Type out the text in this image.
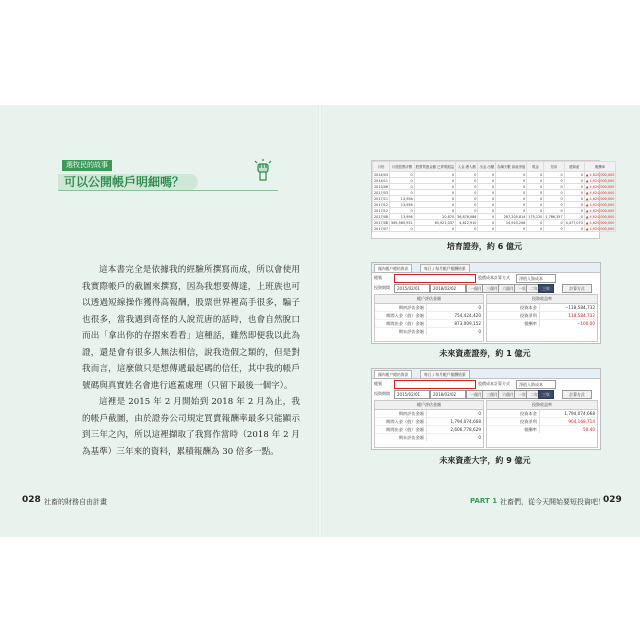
選牧民的故事
可以公開帳戶明細嗎？

這本書完全是依據我的經驗所撰寫而成，所以會使用我實際帳戶的截圖來撰寫，因為我想要傳達，上班族也可以透過短線操作獲得高報酬，股票世界裡高手很多，騙子也很多，當我遇到奇怪的人說荒唐的話時，也會自然脫口而出「拿出你的存摺來看看」這種話，雖然即便我以此為證，還是會有很多人無法相信，說我造假之類的，但是對我而言，這麼做只是想傳遞最起碼的信任，其中我的帳戶號碼與真實姓名會進行遮蓋處理（只留下最後一個字）。

這裡是 2015 年 2 月開始到 2018 年 2 月為止，我的帳戶截圖，由於證券公司規定買賣報酬率最多只能顯示到三年之內，所以這裡擷取了我寫作當時（2018 年 2 月為基準）三年來的資料，累積報酬為 30 倍多一點。

028 社畜的財務自由計畫
月份	月底股票評價	股票買進金額 已實現損益	入金 總入額	出金 出額	存續天數 資產淨值	現金	信用	總資產	報酬率
2014/03	0	0	0	0	0	0	0	0	▲ 4,820,000,000
2014/11	0	0	0	0	0	0	0	0	▲ 4,820,000,000
2015/06	0	0	0	0	0	0	0	0	▲ 4,820,000,000
2017/03	0	0	0	0	0	0	0	0	▲ 4,820,000,000
2017/11	13,956	0	0	0	0	0	0	0	▲ 4,820,000,000
2017/12	13,956	0	0	0	0	0	0	0	▲ 4,820,000,000
2017/12	0	0	0	0	0	0	0	0	▲ 4,820,000,000
2017/08	13,956	20,870	36,878,086	0	287,205,814	175,120	1,786,357	0	▲ 4,820,000,000
2017/08	565,560,931	65,921,037	4,812,910	0	14,910,208	0	0	4,477,073	▲ 4,820,000,000
2017/07	0	0	0	0	0	0	0	0	▲ 4,820,000,000
培育證券，約 6 億元
國內帳戶總結資訊	每日 / 每月帳戶報酬結果
帳號	股價成本計算方式	淨值入資成本
投資期間	2015/02/01	2018/02/02	一個月	三個月	六個月	一年	二年	三年	計算方式
帳戶評估金額
期初評估金額	0
期間入金（值）金額	754,424,420
期間出金（值）金額	873,009,152
期末評估金額	0
投資收益率
投資本金	−118,584,732
投資淨利	118,584,732
報酬率	−100.00
未來資產證券，約 1 億元
國內帳戶總結資訊	每日 / 每月帳戶報酬結果
帳號	股價成本計算方式	淨值入資成本
投資期間	2015/02/01	2018/02/02	一個月	三個月	六個月	一年	二年	三年	計算方式
帳戶評估金額
期初評估金額	0
期間入金（值）金額	1,794,074,668
期間出金（值）金額	2,606,778,629
期末評估金額	0
投資收益率
投資本金	1,794,074,668
投資淨利	904,168,714
報酬率	50.40
未來資產大字，約 9 億元
PART 1 社畜們，從今天開始要短投資吧！
029
